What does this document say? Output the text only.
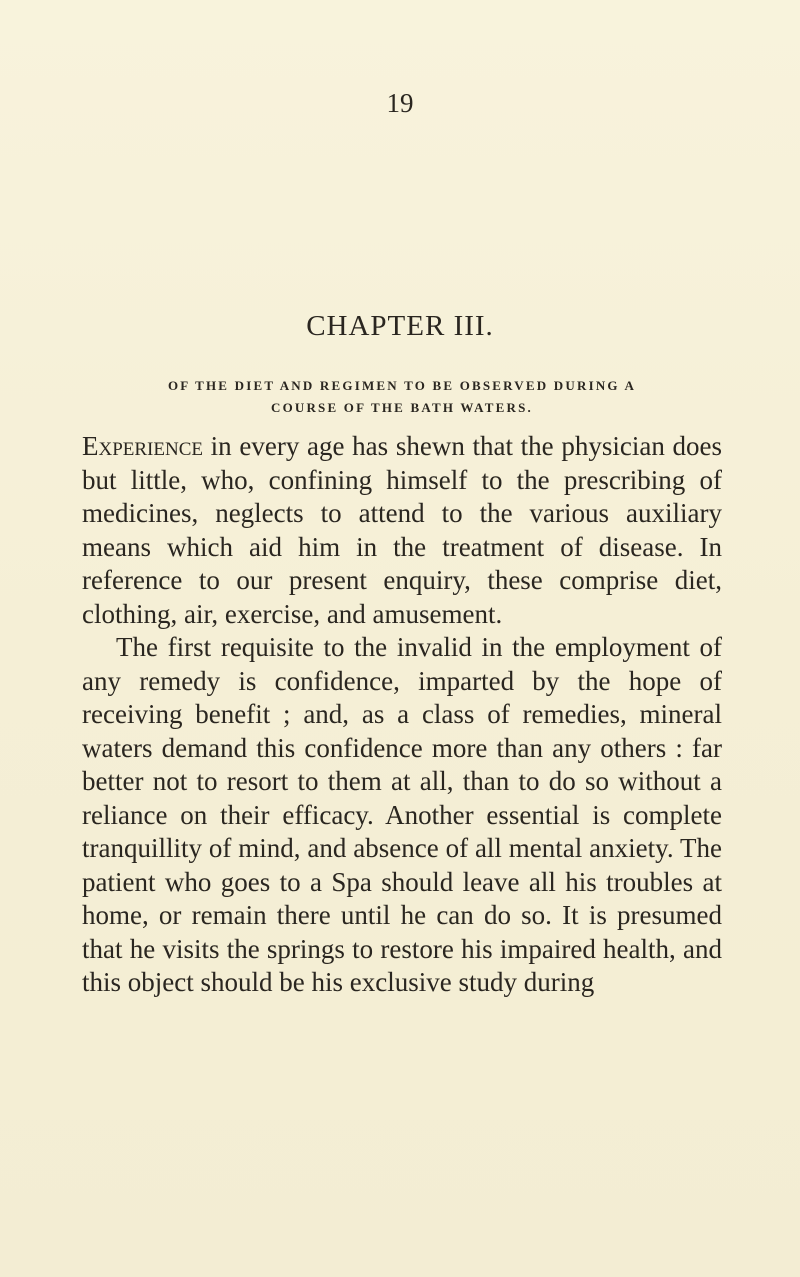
19
CHAPTER III.
OF THE DIET AND REGIMEN TO BE OBSERVED DURING A
COURSE OF THE BATH WATERS.

Experience in every age has shewn that the physician does but little, who, confining himself to the prescribing of medicines, neglects to attend to the various auxiliary means which aid him in the treatment of disease. In reference to our present enquiry, these comprise diet, clothing, air, exercise, and amusement.

The first requisite to the invalid in the employment of any remedy is confidence, imparted by the hope of receiving benefit ; and, as a class of remedies, mineral waters demand this confidence more than any others : far better not to resort to them at all, than to do so without a reliance on their efficacy. Another essential is complete tranquillity of mind, and absence of all mental anxiety. The patient who goes to a Spa should leave all his troubles at home, or remain there until he can do so. It is presumed that he visits the springs to restore his impaired health, and this object should be his exclusive study during
